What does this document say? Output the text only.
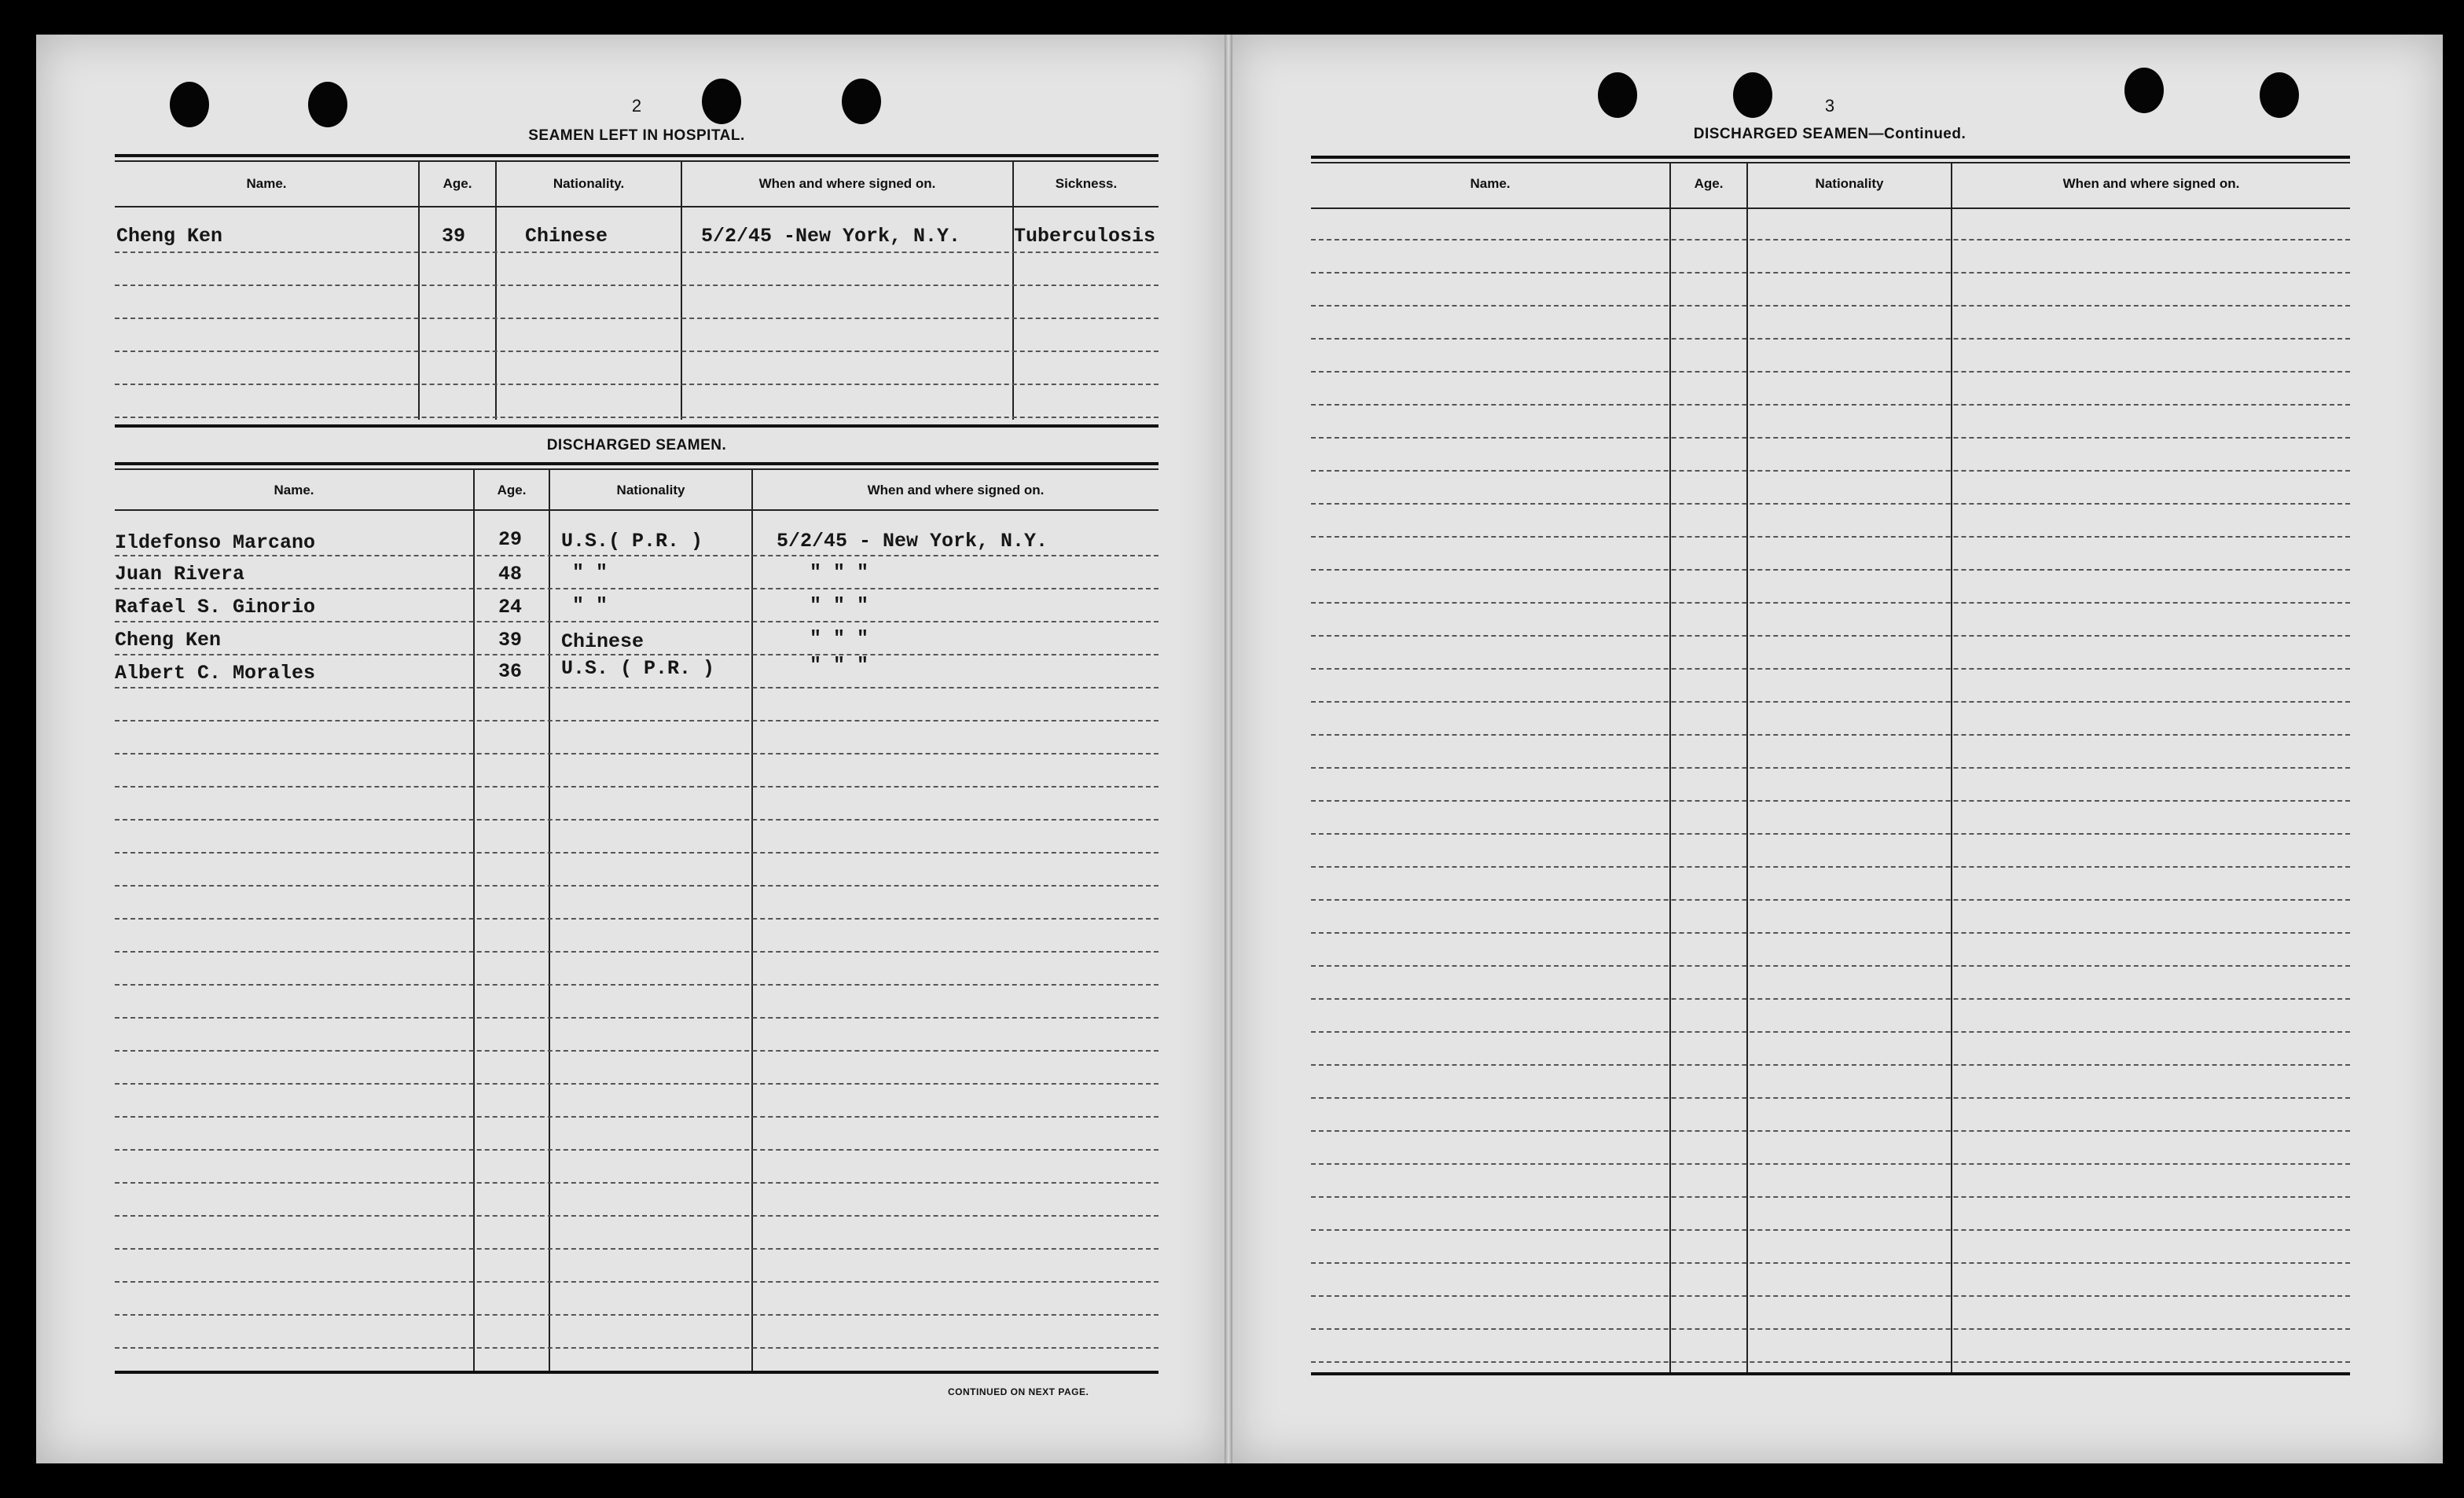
2
SEAMEN LEFT IN HOSPITAL.
Name.	Age.	Nationality.	When and where signed on.	Sickness.
Cheng Ken	39	Chinese	5/2/45 -New York, N.Y.	Tuberculosis
DISCHARGED SEAMEN.
Name.	Age.	Nationality	When and where signed on.
Ildefonso Marcano	29 U.S.( P.R. )	5/2/45 - New York, N.Y.
Juan Rivera	48	" "	" " "
Rafael S. Ginorio	24	" "	" " "
Cheng Ken	39 Chinese	" " "
Albert C. Morales	36 U.S. ( P.R. )	" " "
CONTINUED ON NEXT PAGE.
3
DISCHARGED SEAMEN—Continued.
Name.	Age.	Nationality	When and where signed on.
